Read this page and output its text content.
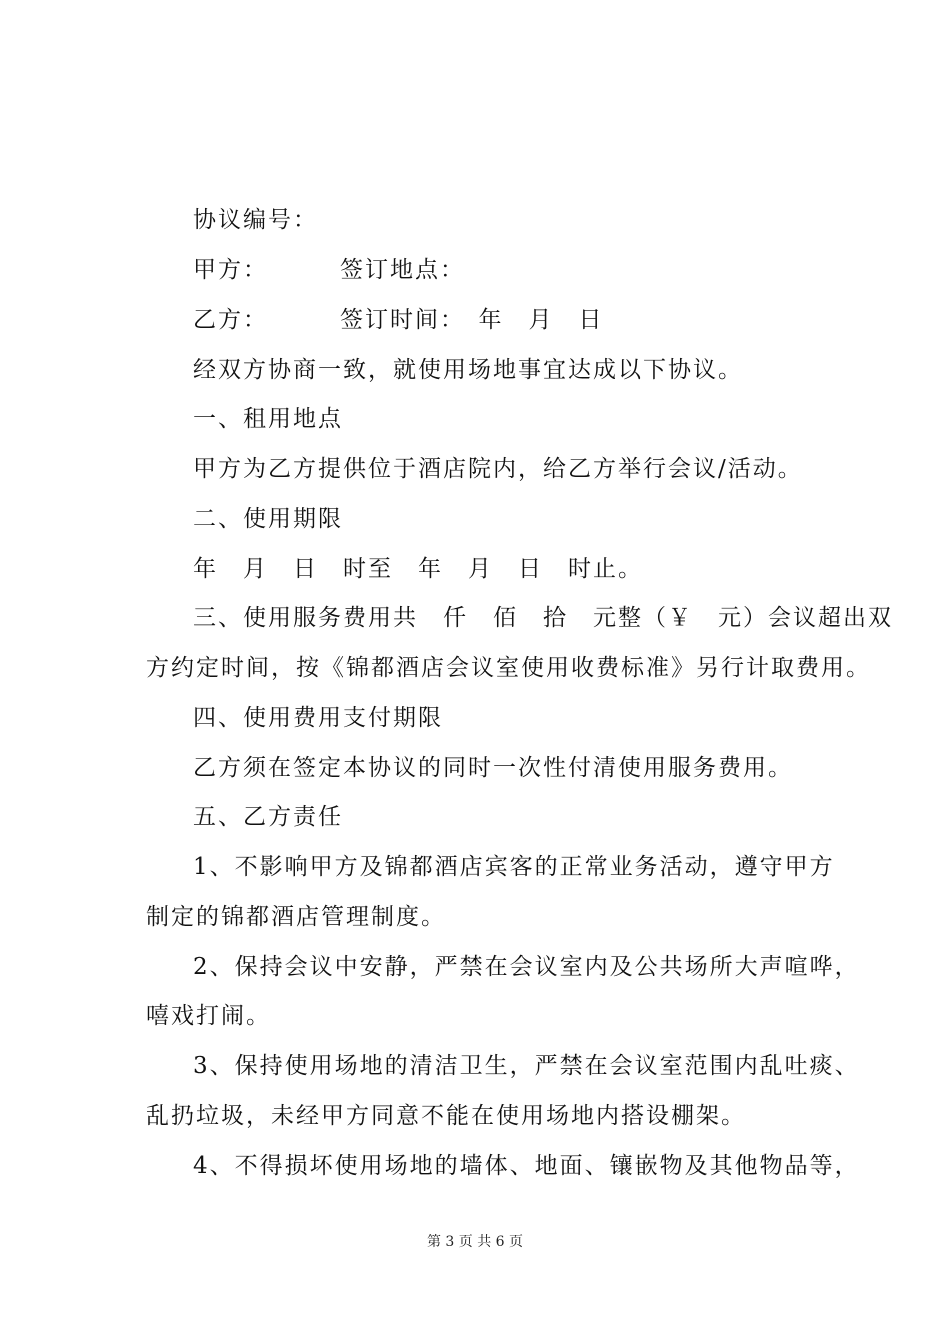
协议编号：
甲方：	签订地点：
乙方：	签订时间：　年　月　日
经双方协商一致，就使用场地事宜达成以下协议。
一、租用地点
甲方为乙方提供位于酒店院内，给乙方举行会议/活动。
二、使用期限
年　月　日　时至　年　月　日　时止。
三、使用服务费用共　仟　佰　拾　元整（￥　元）会议超出双
方约定时间，按《锦都酒店会议室使用收费标准》另行计取费用。
四、使用费用支付期限
乙方须在签定本协议的同时一次性付清使用服务费用。
五、乙方责任
1、不影响甲方及锦都酒店宾客的正常业务活动，遵守甲方
制定的锦都酒店管理制度。
2、保持会议中安静，严禁在会议室内及公共场所大声喧哗，
嘻戏打闹。
3、保持使用场地的清洁卫生，严禁在会议室范围内乱吐痰、
乱扔垃圾，未经甲方同意不能在使用场地内搭设棚架。
4、不得损坏使用场地的墙体、地面、镶嵌物及其他物品等，
第 3 页 共 6 页
